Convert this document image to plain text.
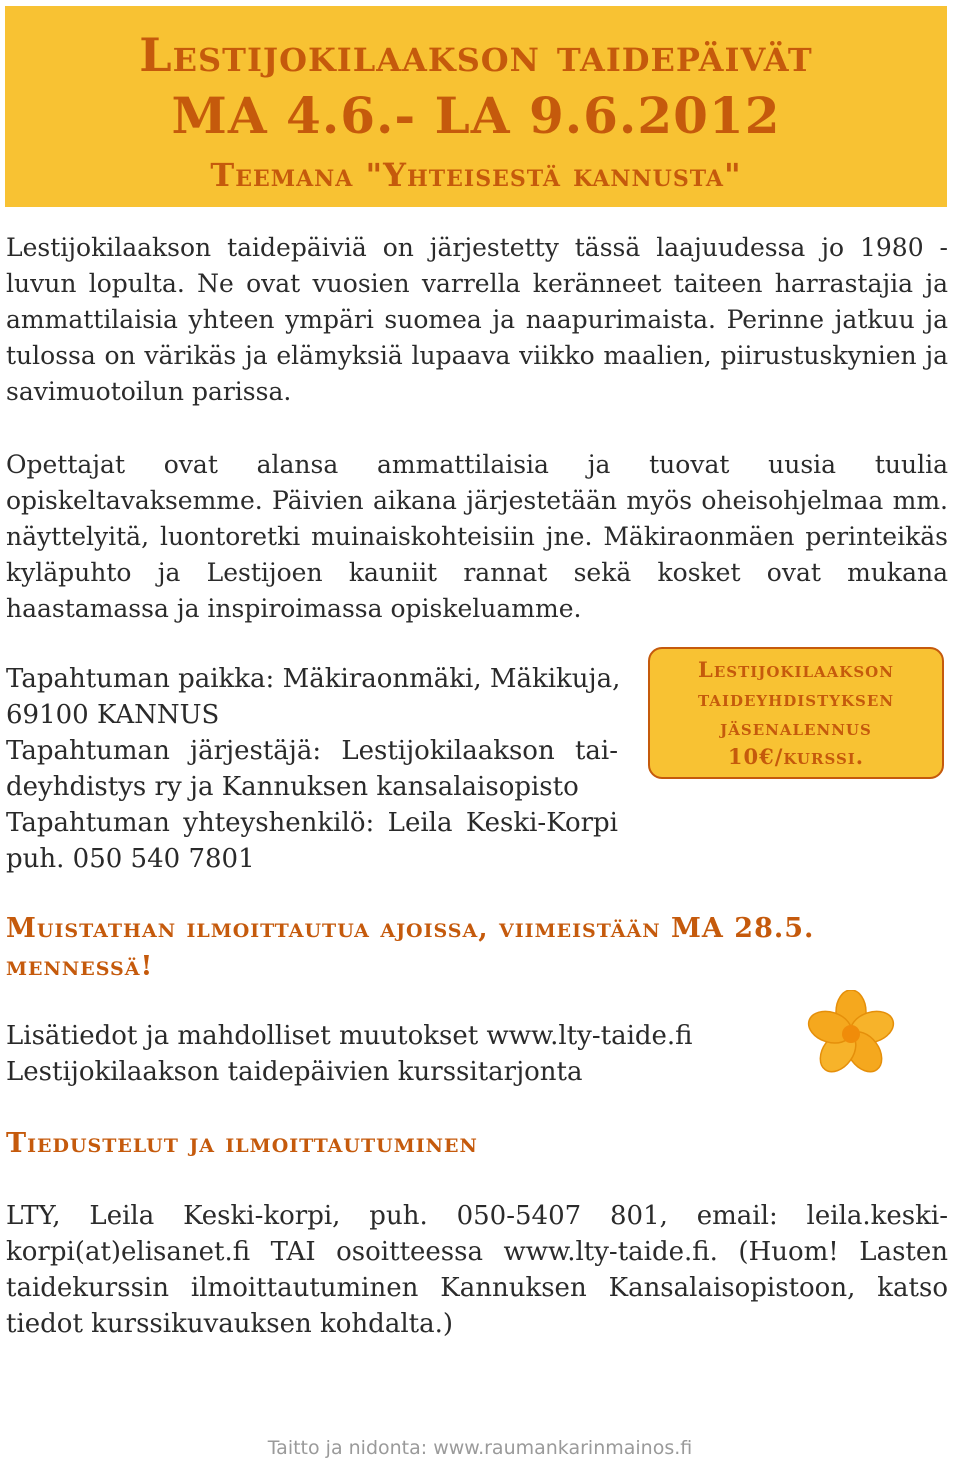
Lestijokilaakson taidepäivät
MA 4.6.- LA 9.6.2012
Teemana "Yhteisestä kannusta"

Lestijokilaakson taidepäiviä on järjestetty tässä laajuudessa jo 1980 -luvun lopulta. Ne ovat vuosien varrella keränneet taiteen harrastajia ja ammattilaisia yhteen ympäri suomea ja naapurimaista. Perinne jatkuu ja tulossa on värikäs ja elämyksiä lupaava viikko maalien, piirustuskynien ja savimuotoilun parissa.

Opettajat ovat alansa ammattilaisia ja tuovat uusia tuulia opiskeltavaksemme. Päivien aikana järjestetään myös oheisohjelmaa mm. näyttelyitä, luontoretki muinaiskohteisiin jne. Mäkiraonmäen perinteikäs kyläpuhto ja Lestijoen kauniit rannat sekä kosket ovat mukana haastamassa ja inspiroimassa opiskeluamme.

Tapahtuman paikka: Mäkiraonmäki, Mäkikuja,
69100 KANNUS
Tapahtuman järjestäjä: Lestijokilaakson tai-
deyhdistys ry ja Kannuksen kansalaisopisto
Tapahtuman yhteyshenkilö: Leila Keski-Korpi
puh. 050 540 7801
Lestijokilaakson
taideyhdistyksen
jäsenalennus
10€/kurssi.
Muistathan ilmoittautua ajoissa, viimeistään MA 28.5. mennessä!
Lisätiedot ja mahdolliset muutokset www.lty-taide.fi
Lestijokilaakson taidepäivien kurssitarjonta
Tiedustelut ja ilmoittautuminen

LTY, Leila Keski-korpi, puh. 050-5407 801, email: leila.keski-korpi(at)elisanet.fi TAI osoitteessa www.lty-taide.fi. (Huom! Lasten taidekurssin ilmoittautuminen Kannuksen Kansalaisopistoon, katso tiedot kurssikuvauksen kohdalta.)

Taitto ja nidonta: www.raumankarinmainos.fi
